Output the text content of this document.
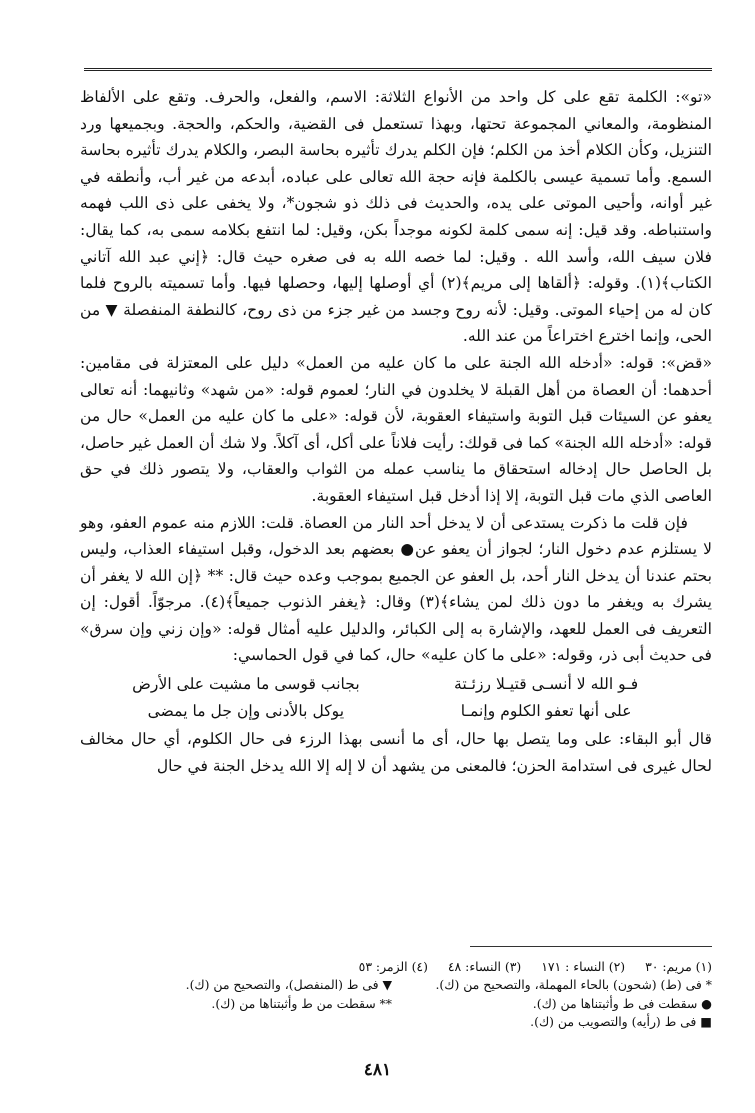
«تو»: الكلمة تقع على كل واحد من الأنواع الثلاثة: الاسم، والفعل، والحرف. وتقع على الألفاظ المنظومة، والمعاني المجموعة تحتها، وبهذا تستعمل فى القضية، والحكم، والحجة. وبجميعها ورد التنزيل، وكأن الكلام أخذ من الكلم؛ فإن الكلم يدرك تأثيره بحاسة البصر، والكلام يدرك تأثيره بحاسة السمع. وأما تسمية عيسى بالكلمة فإنه حجة الله تعالى على عباده، أبدعه من غير أب، وأنطقه في غير أوانه، وأحيى الموتى على يده، والحديث فى ذلك ذو شجون*، ولا يخفى على ذى اللب فهمه واستنباطه. وقد قيل: إنه سمى كلمة لكونه موجداً بكن، وقيل: لما انتفع بكلامه سمى به، كما يقال: فلان سيف الله، وأسد الله . وقيل: لما خصه الله به فى صغره حيث قال: ﴿إني عبد الله آتاني الكتاب﴾(١). وقوله: ﴿ألقاها إلى مريم﴾(٢) أي أوصلها إليها، وحصلها فيها. وأما تسميته بالروح فلما كان له من إحياء الموتى. وقيل: لأنه روح وجسد من غير جزء من ذى روح، كالنطفة المنفصلة ▼ من الحى، وإنما اخترع اختراعاً من عند الله.

«قض»: قوله: «أدخله الله الجنة على ما كان عليه من العمل» دليل على المعتزلة فى مقامين: أحدهما: أن العصاة من أهل القبلة لا يخلدون في النار؛ لعموم قوله: «من شهد» وثانيهما: أنه تعالى يعفو عن السيئات قبل التوبة واستيفاء العقوبة، لأن قوله: «على ما كان عليه من العمل» حال من قوله: «أدخله الله الجنة» كما فى قولك: رأيت فلاناً على أكل، أى آكلاً. ولا شك أن العمل غير حاصل، بل الحاصل حال إدخاله استحقاق ما يناسب عمله من الثواب والعقاب، ولا يتصور ذلك في حق العاصى الذي مات قبل التوبة، إلا إذا أدخل قبل استيفاء العقوبة.

فإن قلت ما ذكرت يستدعى أن لا يدخل أحد النار من العصاة. قلت: اللازم منه عموم العفو، وهو لا يستلزم عدم دخول النار؛ لجواز أن يعفو عن● بعضهم بعد الدخول، وقبل استيفاء العذاب، وليس بحتم عندنا أن يدخل النار أحد، بل العفو عن الجميع بموجب وعده حيث قال: ** ﴿إن الله لا يغفر أن يشرك به ويغفر ما دون ذلك لمن يشاء﴾(٣) وقال: ﴿يغفر الذنوب جميعاً﴾(٤). مرجوّاً. أقول: إن التعريف فى العمل للعهد، والإشارة به إلى الكبائر، والدليل عليه أمثال قوله: «وإن زني وإن سرق» فى حديث أبى ذر، وقوله: «على ما كان عليه» حال، كما في قول الحماسي:

فـو الله لا أنسـى قتيـلا رزئـتة
بجانب قوسى ما مشيت على الأرض
على أنها تعفو الكلوم وإنمـا
يوكل بالأدنى وإن جل ما يمضى

قال أبو البقاء: على وما يتصل بها حال، أى ما أنسى بهذا الرزء فى حال الكلوم، أي حال مخالف لحال غيرى فى استدامة الحزن؛ فالمعنى من يشهد أن لا إله إلا الله يدخل الجنة في حال

(١) مريم: ٣٠
(٢) النساء : ١٧١
(٣) النساء: ٤٨
(٤) الزمر: ٥٣
* فى (ط) (شحون) بالحاء المهملة، والتصحيح من (ك).
▼ فى ط (المنفصل)، والتصحيح من (ك).
● سقطت فى ط وأثبتناها من (ك).
** سقطت من ط وأثبتناها من (ك).
■ فى ط (رأيه) والتصويب من (ك).
٤٨١
